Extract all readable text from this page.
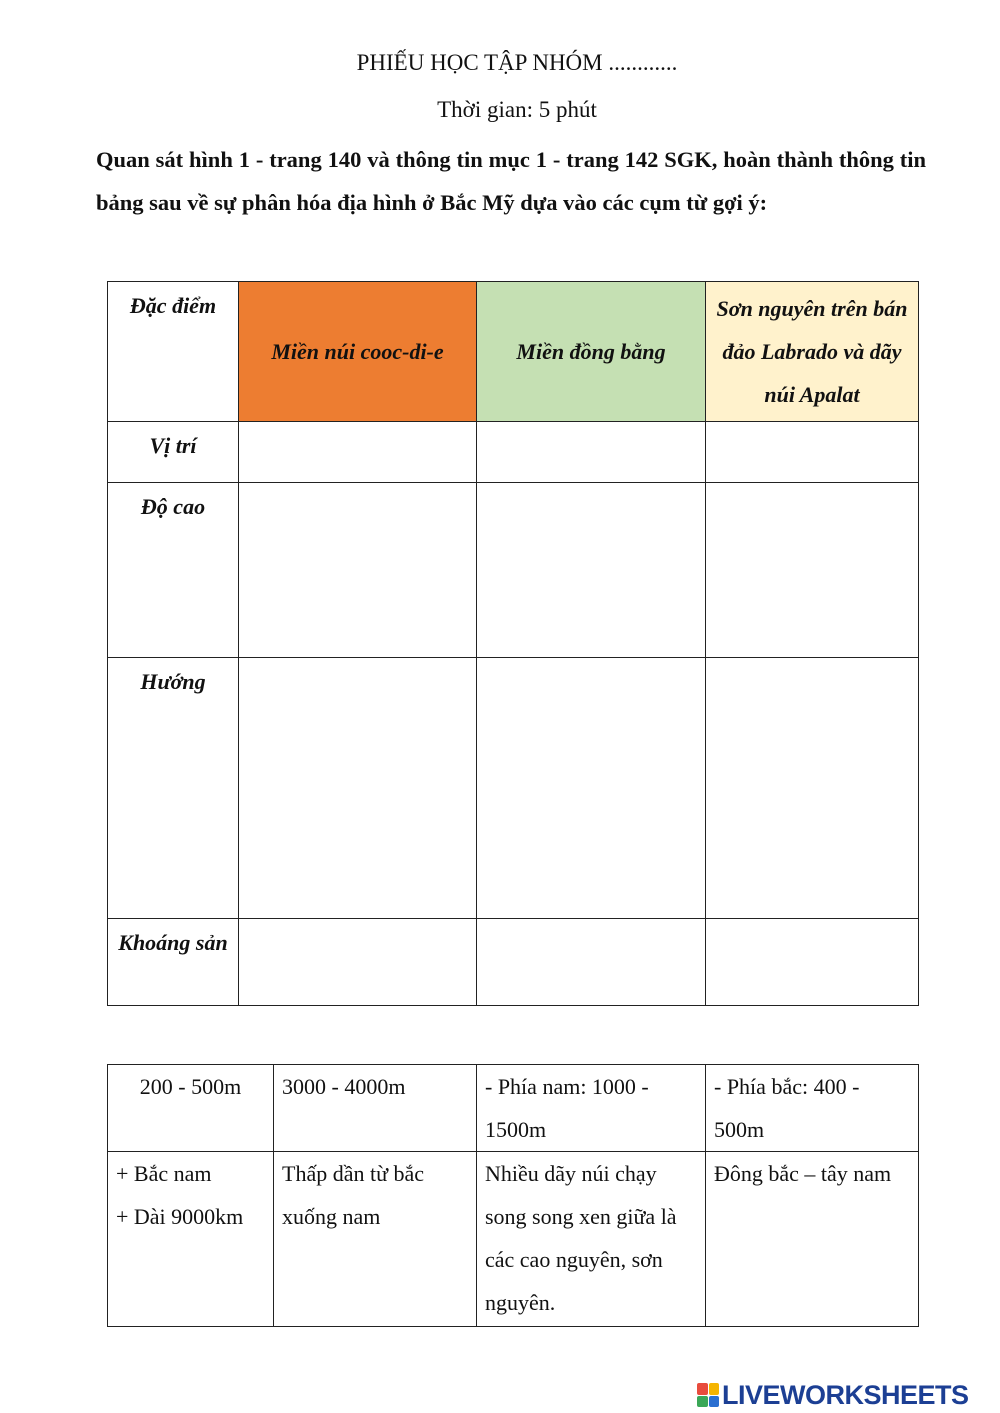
PHIẾU HỌC TẬP NHÓM ............
Thời gian: 5 phút
Quan sát hình 1 - trang 140 và thông tin mục 1 - trang 142 SGK, hoàn thành thông tin bảng sau về sự phân hóa địa hình ở Bắc Mỹ dựa vào các cụm từ gợi ý:
Đặc điểm	Miền núi cooc-di-e	Miền đồng bằng	Sơn nguyên trên bán đảo Labrado và dãy núi Apalat
Vị trí			
Độ cao			
Hướng			
Khoáng sản			
200 - 500m	3000 - 4000m	- Phía nam: 1000 - 1500m	- Phía bắc: 400 - 500m
+ Bắc nam
+ Dài 9000km	Thấp dần từ bắc xuống nam	Nhiều dãy núi chạy song song xen giữa là các cao nguyên, sơn nguyên.	Đông bắc – tây nam
LIVEWORKSHEETS
